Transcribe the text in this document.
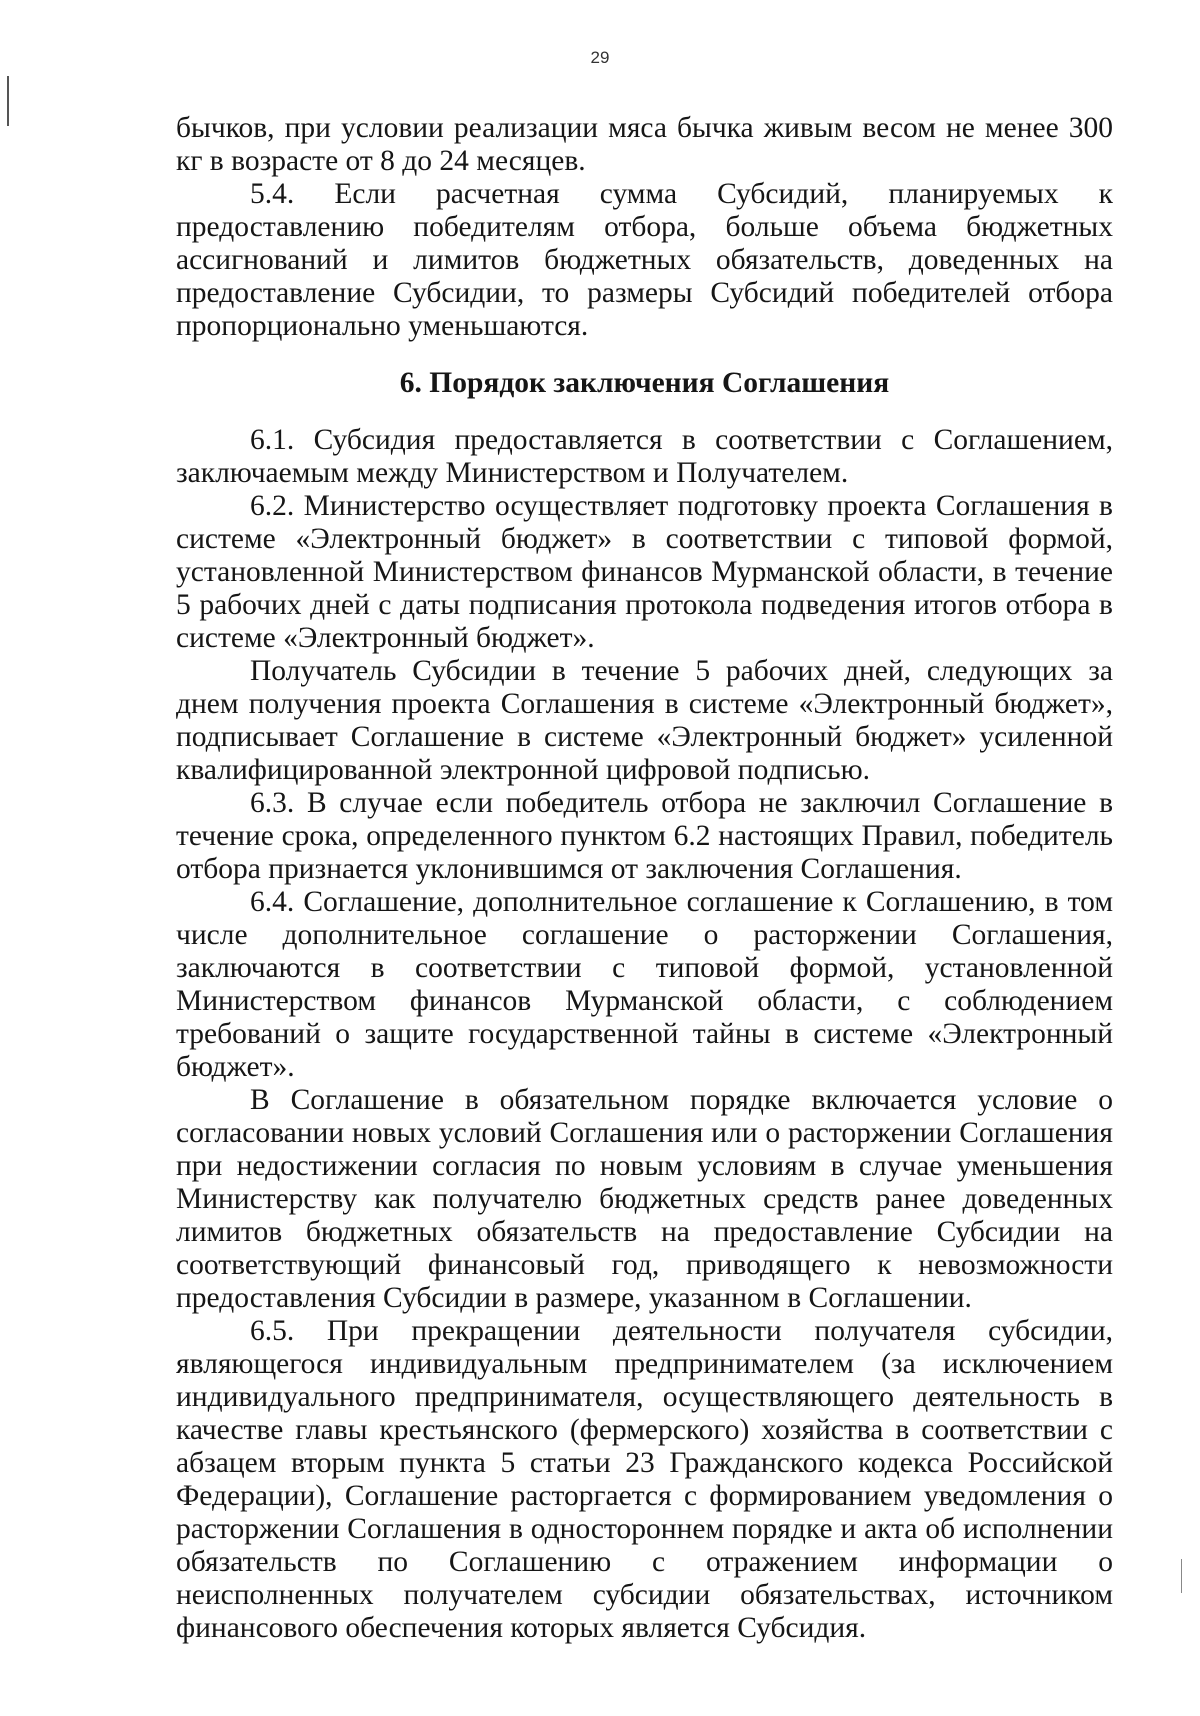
29

бычков, при условии реализации мяса бычка живым весом не менее 300 кг в возрасте от 8 до 24 месяцев.

5.4. Если расчетная сумма Субсидий, планируемых к предоставлению победителям отбора, больше объема бюджетных ассигнований и лимитов бюджетных обязательств, доведенных на предоставление Субсидии, то размеры Субсидий победителей отбора пропорционально уменьшаются.

6. Порядок заключения Соглашения

6.1. Субсидия предоставляется в соответствии с Соглашением, заключаемым между Министерством и Получателем.

6.2. Министерство осуществляет подготовку проекта Соглашения в системе «Электронный бюджет» в соответствии с типовой формой, установленной Министерством финансов Мурманской области, в течение 5 рабочих дней с даты подписания протокола подведения итогов отбора в системе «Электронный бюджет».

Получатель Субсидии в течение 5 рабочих дней, следующих за днем получения проекта Соглашения в системе «Электронный бюджет», подписывает Соглашение в системе «Электронный бюджет» усиленной квалифицированной электронной цифровой подписью.

6.3. В случае если победитель отбора не заключил Соглашение в течение срока, определенного пунктом 6.2 настоящих Правил, победитель отбора признается уклонившимся от заключения Соглашения.

6.4. Соглашение, дополнительное соглашение к Соглашению, в том числе дополнительное соглашение о расторжении Соглашения, заключаются в соответствии с типовой формой, установленной Министерством финансов Мурманской области, с соблюдением требований о защите государственной тайны в системе «Электронный бюджет».

В Соглашение в обязательном порядке включается условие о согласовании новых условий Соглашения или о расторжении Соглашения при недостижении согласия по новым условиям в случае уменьшения Министерству как получателю бюджетных средств ранее доведенных лимитов бюджетных обязательств на предоставление Субсидии на соответствующий финансовый год, приводящего к невозможности предоставления Субсидии в размере, указанном в Соглашении.

6.5. При прекращении деятельности получателя субсидии, являющегося индивидуальным предпринимателем (за исключением индивидуального предпринимателя, осуществляющего деятельность в качестве главы крестьянского (фермерского) хозяйства в соответствии с абзацем вторым пункта 5 статьи 23 Гражданского кодекса Российской Федерации), Соглашение расторгается с формированием уведомления о расторжении Соглашения в одностороннем порядке и акта об исполнении обязательств по Соглашению с отражением информации о неисполненных получателем субсидии обязательствах, источником финансового обеспечения которых является Субсидия.
